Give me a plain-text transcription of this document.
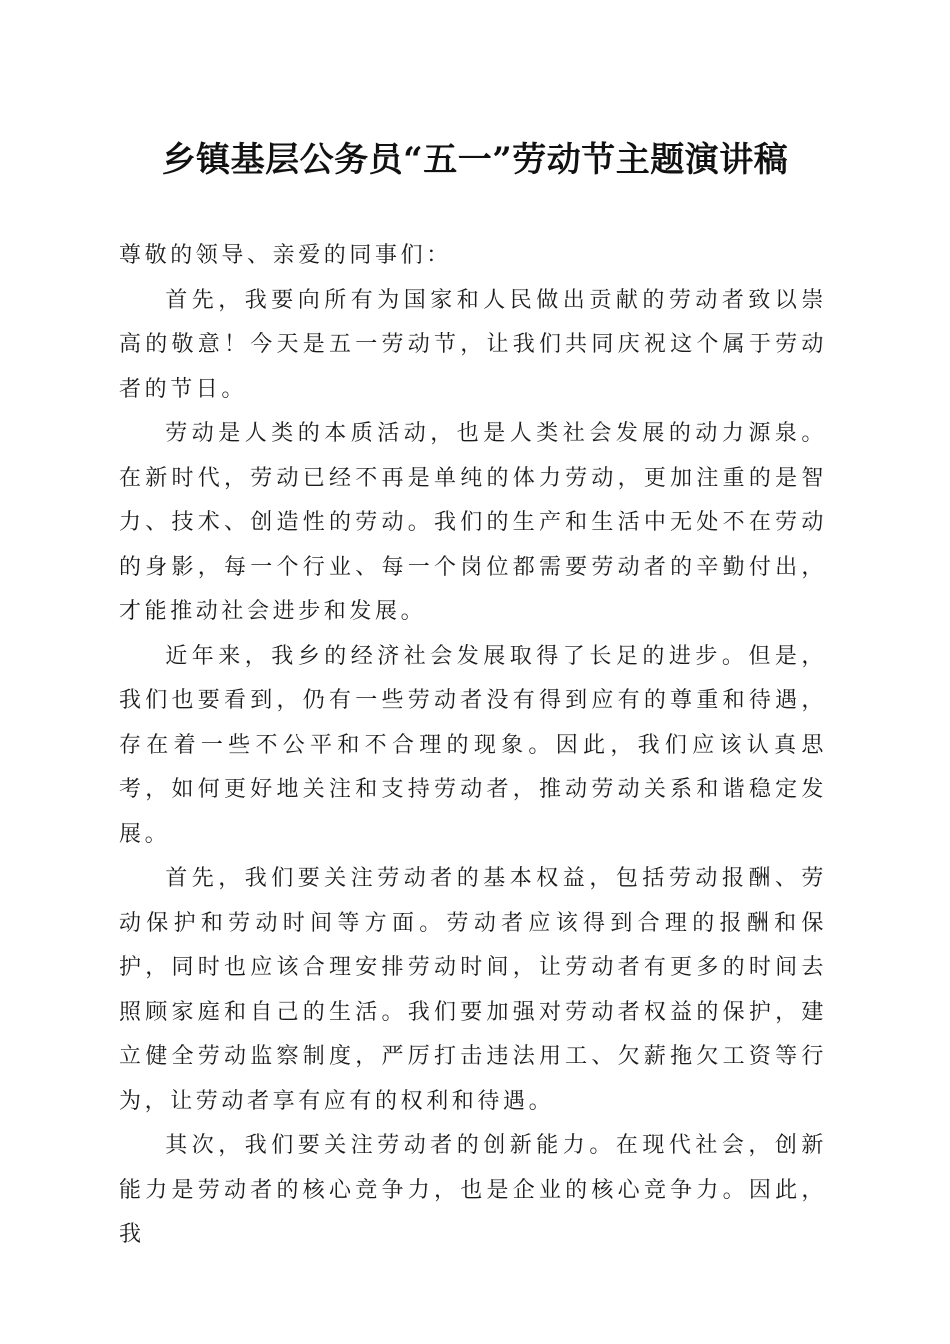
乡镇基层公务员“五一”劳动节主题演讲稿

尊敬的领导、亲爱的同事们：

首先，我要向所有为国家和人民做出贡献的劳动者致以崇高的敬意！今天是五一劳动节，让我们共同庆祝这个属于劳动者的节日。

劳动是人类的本质活动，也是人类社会发展的动力源泉。在新时代，劳动已经不再是单纯的体力劳动，更加注重的是智力、技术、创造性的劳动。我们的生产和生活中无处不在劳动的身影，每一个行业、每一个岗位都需要劳动者的辛勤付出，才能推动社会进步和发展。

近年来，我乡的经济社会发展取得了长足的进步。但是，我们也要看到，仍有一些劳动者没有得到应有的尊重和待遇，存在着一些不公平和不合理的现象。因此，我们应该认真思考，如何更好地关注和支持劳动者，推动劳动关系和谐稳定发展。

首先，我们要关注劳动者的基本权益，包括劳动报酬、劳动保护和劳动时间等方面。劳动者应该得到合理的报酬和保护，同时也应该合理安排劳动时间，让劳动者有更多的时间去照顾家庭和自己的生活。我们要加强对劳动者权益的保护，建立健全劳动监察制度，严厉打击违法用工、欠薪拖欠工资等行为，让劳动者享有应有的权利和待遇。

其次，我们要关注劳动者的创新能力。在现代社会，创新能力是劳动者的核心竞争力，也是企业的核心竞争力。因此，我
